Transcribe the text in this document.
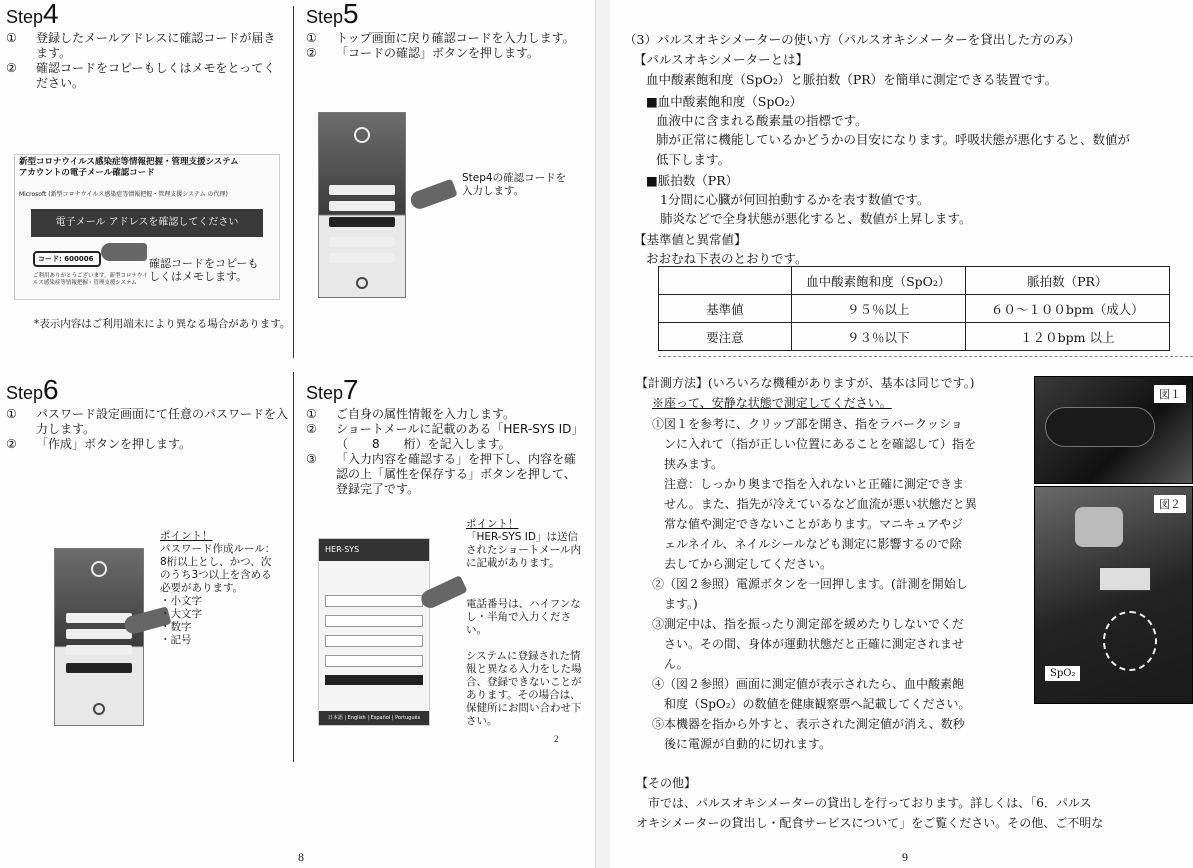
Step4
①	登録したメールアドレスに確認コードが届きます。
②	確認コードをコピーもしくはメモをとってください。
新型コロナウイルス感染症等情報把握・管理支援システム アカウントの電子メール確認コード
Microsoft (新型コロナウイルス感染症等情報把握・管理支援システム の代理)
電子メール アドレスを確認してください
コード: 600006
ご利用ありがとうございます。新型コロナウイルス感染症等情報把握・管理支援システム
確認コードをコピーもしくはメモします。
*表示内容はご利用端末により異なる場合があります。
Step5
①	トップ画面に戻り確認コードを入力します。
②	「コードの確認」ボタンを押します。
Step4の確認コードを入力します。
Step6
①	パスワード設定画面にて任意のパスワードを入力します。
②	「作成」ボタンを押します。
ポイント！
パスワード作成ルール：
8桁以上とし、かつ、次
のうち3つ以上を含める
必要があります。
・小文字
・大文字
・数字
・記号
Step7
①	ご自身の属性情報を入力します。
②	ショートメールに記載のある「HER-SYS ID」（　　8　　桁）を記入します。
③	「入力内容を確認する」を押下し、内容を確認の上「属性を保存する」ボタンを押して、登録完了です。
HER-SYS
日本語 | English | Español | Português
ポイント！
「HER-SYS ID」は送信されたショートメール内に記載があります。
電話番号は、ハイフンなし・半角で入力ください。
システムに登録された情報と異なる入力をした場合、登録できないことがあります。その場合は、保健所にお問い合わせ下さい。
2
8
（3）パルスオキシメーターの使い方（パルスオキシメーターを貸出した方のみ）
【パルスオキシメーターとは】
血中酸素飽和度（SpO₂）と脈拍数（PR）を簡単に測定できる装置です。
■血中酸素飽和度（SpO₂）
血液中に含まれる酸素量の指標です。
肺が正常に機能しているかどうかの目安になります。呼吸状態が悪化すると、数値が
低下します。
■脈拍数（PR）
1分間に心臓が何回拍動するかを表す数値です。
肺炎などで全身状態が悪化すると、数値が上昇します。
【基準値と異常値】
おおむね下表のとおりです。
	血中酸素飽和度（SpO₂）	脈拍数（PR）
基準値	９５％以上	６０～１００bpm（成人）
要注意	９３％以下	１２０bpm 以上
【計測方法】(いろいろな機種がありますが、基本は同じです。)
※座って、安静な状態で測定してください。
①図１を参考に、クリップ部を開き、指をラバークッショ
　ンに入れて（指が正しい位置にあることを確認して）指を
　挟みます。
　注意：しっかり奥まで指を入れないと正確に測定できま
　せん。また、指先が冷えているなど血流が悪い状態だと異
　常な値や測定できないことがあります。マニキュアやジ
　ェルネイル、ネイルシールなども測定に影響するので除
　去してから測定してください。
②（図２参照）電源ボタンを一回押します。(計測を開始し
　ます。)
③測定中は、指を振ったり測定部を緩めたりしないでくだ
　さい。その間、身体が運動状態だと正確に測定されませ
　ん。
④（図２参照）画面に測定値が表示されたら、血中酸素飽
　和度（SpO₂）の数値を健康観察票へ記載してください。
⑤本機器を指から外すと、表示された測定値が消え、数秒
　後に電源が自動的に切れます。
図１
図２
SpO₂
【その他】
　市では、パルスオキシメーターの貸出しを行っております。詳しくは、「6．パルス
オキシメーターの貸出し・配食サービスについて」をご覧ください。その他、ご不明な
9
